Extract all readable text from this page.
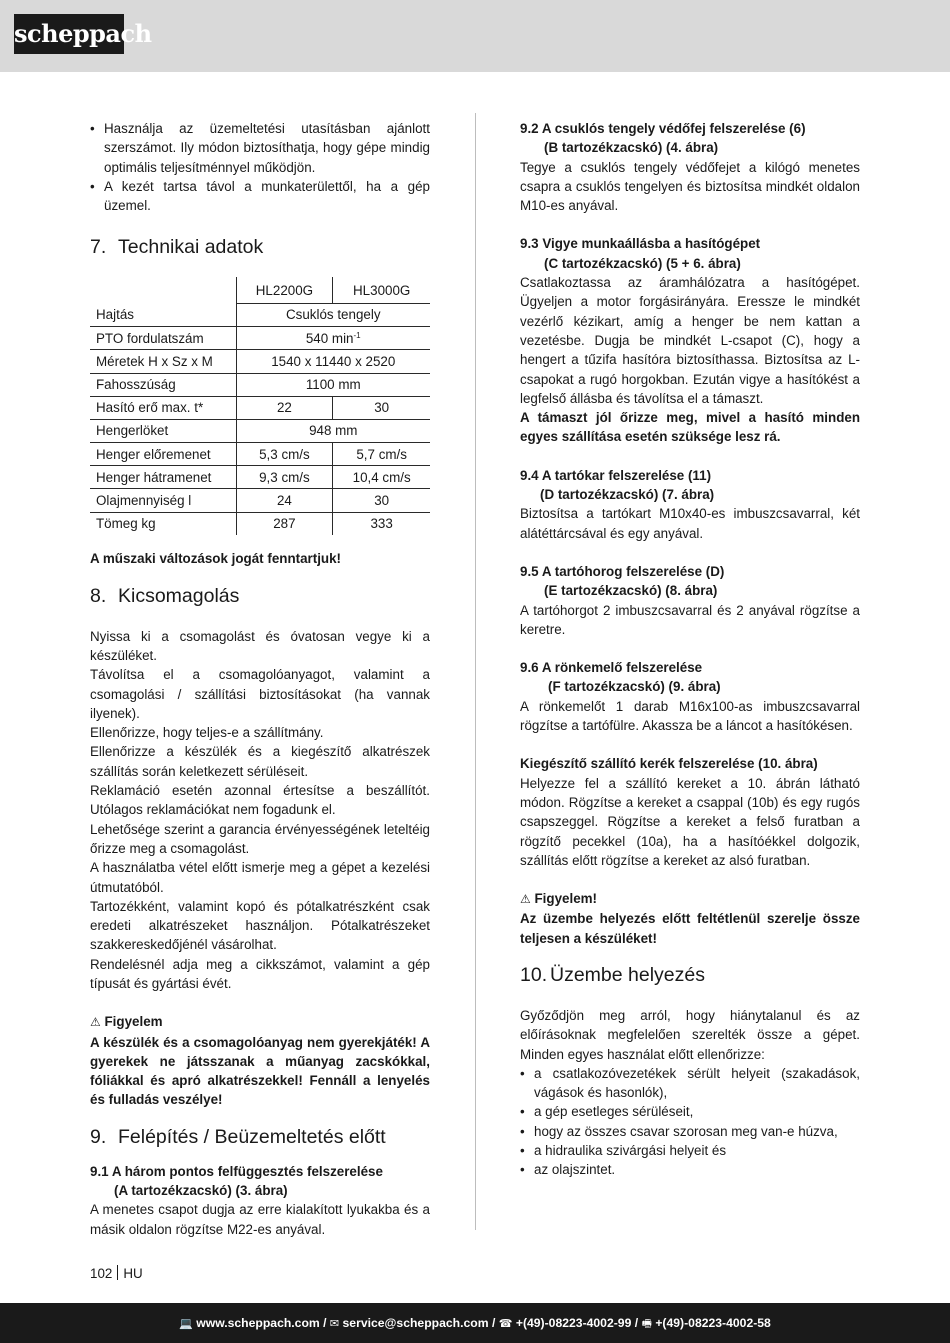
scheppach
• Használja az üzemeltetési utasításban ajánlott szerszámot. Ily módon biztosíthatja, hogy gépe mindig optimális teljesítménnyel működjön.
• A kezét tartsa távol a munkaterülettől, ha a gép üzemel.
7. Technikai adatok
	HL2200G	HL3000G
Hajtás	Csuklós tengely	
PTO fordulatszám	540 $\min^{-1}$
Méretek H x Sz x M	1540 x 11440 x 2520	
Fahosszúság	1100 mm	
Hasító erő max. t*	22	30
Hengerlöket	948 mm	
Henger előremenet	5,3 cm/s	5,7 cm/s
Henger hátramenet	9,3 cm/s	10,4 cm/s
Olajmennyiség l	24	30
Tömeg kg	287	333

A műszaki változások jogát fenntartjuk!

8. Kicsomagolás

Nyissa ki a csomagolást és óvatosan vegye ki a készüléket.

Távolítsa el a csomagolóanyagot, valamint a csomagolási / szállítási biztosításokat (ha vannak ilyenek).

Ellenőrizze, hogy teljes-e a szállítmány.

Ellenőrizze a készülék és a kiegészítő alkatrészek szállítás során keletkezett sérüléseit.

Reklamáció esetén azonnal értesítse a beszállítót. Utólagos reklamációkat nem fogadunk el.

Lehetősége szerint a garancia érvényességének leteltéig őrizze meg a csomagolást.

A használatba vétel előtt ismerje meg a gépet a kezelési útmutatóból.

Tartozékként, valamint kopó és pótalkatrészként csak eredeti alkatrészeket használjon. Pótalkatrészeket szakkereskedőjénél vásárolhat.

Rendelésnél adja meg a cikkszámot, valamint a gép típusát és gyártási évét.

⚠ Figyelem

A készülék és a csomagolóanyag nem gyerekjáték! A gyerekek ne játsszanak a műanyag zacskókkal, fóliákkal és apró alkatrészekkel! Fennáll a lenyelés és fulladás veszélye!

9. Felépítés / Beüzemeltetés előtt
9.1 A három pontos felfüggesztés felszerelése
(A tartozékzacskó) (3. ábra)

A menetes csapot dugja az erre kialakított lyukakba és a másik oldalon rögzítse M22-es anyával.

9.2 A csuklós tengely védőfej felszerelése (6)
(B tartozékzacskó) (4. ábra)

Tegye a csuklós tengely védőfejet a kilógó menetes csapra a csuklós tengelyen és biztosítsa mindkét oldalon M10-es anyával.

9.3 Vigye munkaállásba a hasítógépet
(C tartozékzacskó) (5 + 6. ábra)

Csatlakoztassa az áramhálózatra a hasítógépet. Ügyeljen a motor forgásirányára. Eressze le mindkét vezérlő kézikart, amíg a henger be nem kattan a vezetésbe. Dugja be mindkét L-csapot (C), hogy a hengert a tűzifa hasítóra biztosíthassa. Biztosítsa az L-csapokat a rugó horgokban. Ezután vigye a hasítókést a legfelső állásba és távolítsa el a támaszt.

A támaszt jól őrizze meg, mivel a hasító minden egyes szállítása esetén szüksége lesz rá.

9.4 A tartókar felszerelése (11)
(D tartozékzacskó) (7. ábra)

Biztosítsa a tartókart M10x40-es imbuszcsavarral, két alátéttárcsával és egy anyával.

9.5 A tartóhorog felszerelése (D)
(E tartozékzacskó) (8. ábra)

A tartóhorgot 2 imbuszcsavarral és 2 anyával rögzítse a keretre.

9.6 A rönkemelő felszerelése
(F tartozékzacskó) (9. ábra)

A rönkemelőt 1 darab M16x100-as imbuszcsavarral rögzítse a tartófülre. Akassza be a láncot a hasítókésen.

Kiegészítő szállító kerék felszerelése (10. ábra)

Helyezze fel a szállító kereket a 10. ábrán látható módon. Rögzítse a kereket a csappal (10b) és egy rugós csapszeggel. Rögzítse a kereket a felső furatban a rögzítő pecekkel (10a), ha a hasítóékkel dolgozik, szállítás előtt rögzítse a kereket az alsó furatban.

⚠ Figyelem!

Az üzembe helyezés előtt feltétlenül szerelje össze teljesen a készüléket!

10. Üzembe helyezés

Győződjön meg arról, hogy hiánytalanul és az előírásoknak megfelelően szerelték össze a gépet. Minden egyes használat előtt ellenőrizze:

• a csatlakozóvezetékek sérült helyeit (szakadások, vágások és hasonlók),
• a gép esetleges sérüléseit,
• hogy az összes csavar szorosan meg van-e húzva,
• a hidraulika szivárgási helyeit és
• az olajszintet.
102 HU
💻 www.scheppach.com / ✉ service@scheppach.com / ☎ +(49)-08223-4002-99 / 🖷 +(49)-08223-4002-58
